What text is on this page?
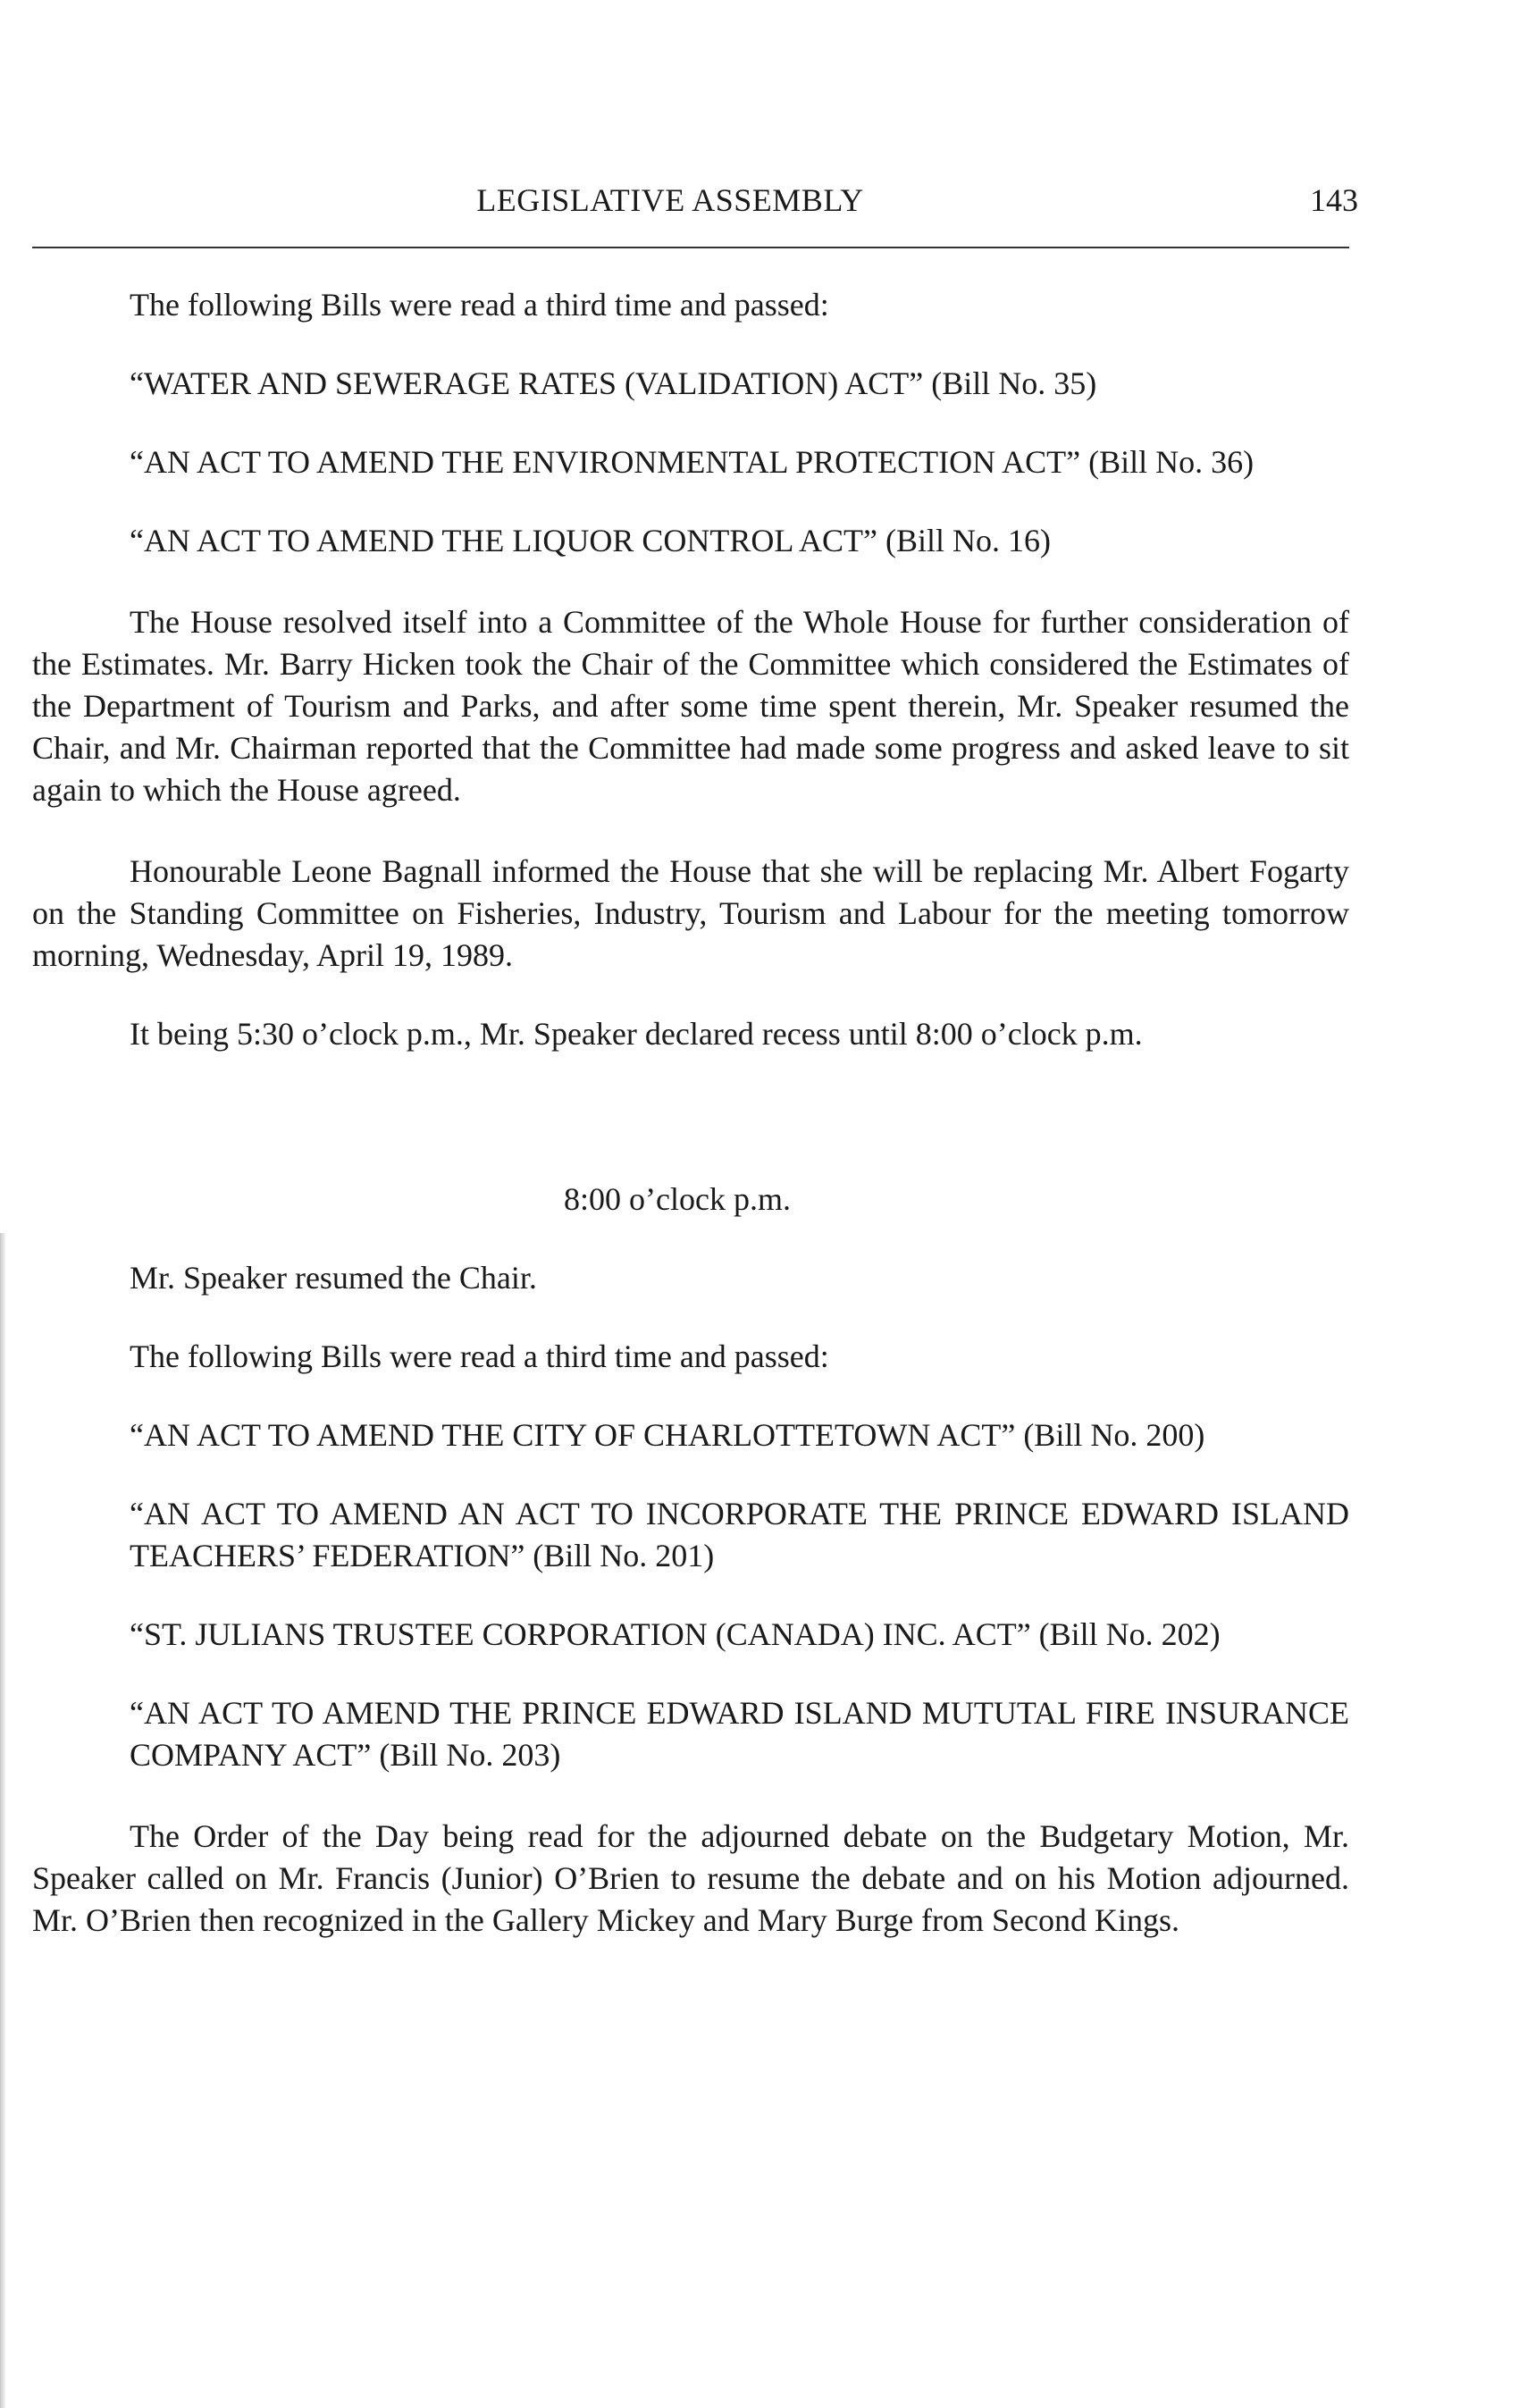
LEGISLATIVE ASSEMBLY	143

The following Bills were read a third time and passed:

“WATER AND SEWERAGE RATES (VALIDATION) ACT” (Bill No. 35)

“AN ACT TO AMEND THE ENVIRONMENTAL PROTECTION ACT” (Bill No. 36)

“AN ACT TO AMEND THE LIQUOR CONTROL ACT” (Bill No. 16)

The House resolved itself into a Committee of the Whole House for further consideration of the Estimates. Mr. Barry Hicken took the Chair of the Committee which considered the Estimates of the Department of Tourism and Parks, and after some time spent therein, Mr. Speaker resumed the Chair, and Mr. Chairman reported that the Committee had made some progress and asked leave to sit again to which the House agreed.

Honourable Leone Bagnall informed the House that she will be replacing Mr. Albert Fogarty on the Standing Committee on Fisheries, Industry, Tourism and Labour for the meeting tomorrow morning, Wednesday, April 19, 1989.

It being 5:30 o’clock p.m., Mr. Speaker declared recess until 8:00 o’clock p.m.

8:00 o’clock p.m.

Mr. Speaker resumed the Chair.

The following Bills were read a third time and passed:

“AN ACT TO AMEND THE CITY OF CHARLOTTETOWN ACT” (Bill No. 200)

“AN ACT TO AMEND AN ACT TO INCORPORATE THE PRINCE EDWARD ISLAND TEACHERS’ FEDERATION” (Bill No. 201)

“ST. JULIANS TRUSTEE CORPORATION (CANADA) INC. ACT” (Bill No. 202)

“AN ACT TO AMEND THE PRINCE EDWARD ISLAND MUTUTAL FIRE INSURANCE COMPANY ACT” (Bill No. 203)

The Order of the Day being read for the adjourned debate on the Budgetary Motion, Mr. Speaker called on Mr. Francis (Junior) O’Brien to resume the debate and on his Motion adjourned. Mr. O’Brien then recognized in the Gallery Mickey and Mary Burge from Second Kings.
